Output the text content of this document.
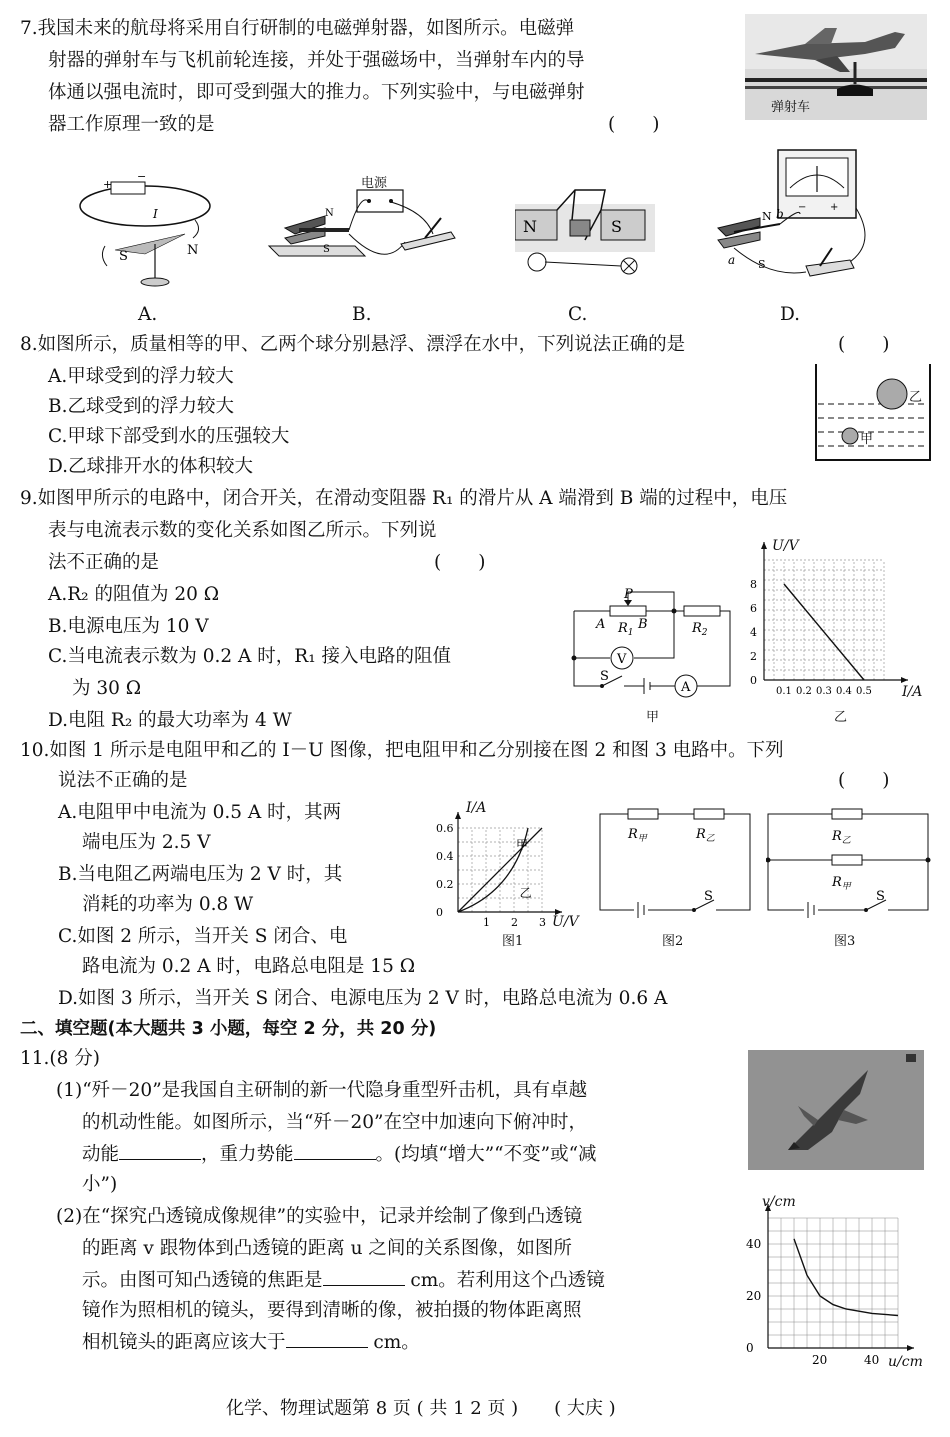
7.我国未来的航母将采用自行研制的电磁弹射器，如图所示。电磁弹
射器的弹射车与飞机前轮连接，并处于强磁场中，当弹射车内的导
体通以强电流时，即可受到强大的推力。下列实验中，与电磁弹射
器工作原理一致的是	(　　)
弹射车
+
−
I
S	N
N
S
电源
N	S
− +
N
S
b
a
A.	B.	C.	D.
8.如图所示，质量相等的甲、乙两个球分别悬浮、漂浮在水中，下列说法正确的是	(　　)
A.甲球受到的浮力较大
B.乙球受到的浮力较大
C.甲球下部受到水的压强较大
D.乙球排开水的体积较大
乙
甲
9.如图甲所示的电路中，闭合开关，在滑动变阻器 R₁ 的滑片从 A 端滑到 B 端的过程中，电压
表与电流表示数的变化关系如图乙所示。下列说
法不正确的是	(　　)
A.R₂ 的阻值为 20 Ω
B.电源电压为 10 V
C.当电流表示数为 0.2 A 时，R₁ 接入电路的阻值
为 30 Ω
D.电阻 R₂ 的最大功率为 4 W
V
A
P
A $R_1$
B	$R_2$
S
甲
0.1 0.2 0.3 0.4 0.5
0
2
4
6
8
U/V
I/A
乙
10.如图 1 所示是电阻甲和乙的 I－U 图像，把电阻甲和乙分别接在图 2 和图 3 电路中。下列
说法不正确的是	(　　)
A.电阻甲中电流为 0.5 A 时，其两
端电压为 2.5 V
B.当电阻乙两端电压为 2 V 时，其
消耗的功率为 0.8 W
C.如图 2 所示，当开关 S 闭合、电
路电流为 0.2 A 时，电路总电阻是 15 Ω
D.如图 3 所示，当开关 S 闭合、电源电压为 2 V 时，电路总电流为 0.6 A
1 2 3
0
0.2
0.4
0.6
甲
乙
I/A
U/V
图1
$R_甲$	$R_乙$
S
图2
$R_乙$
$R_甲$
S
图3
二、填空题(本大题共 3 小题，每空 2 分，共 20 分)
11.(8 分)
(1)“歼－20”是我国自主研制的新一代隐身重型歼击机，具有卓越
的机动性能。如图所示，当“歼－20”在空中加速向下俯冲时，
动能	，重力势能	。(均填“增大”“不变”或“减
小”)
(2)在“探究凸透镜成像规律”的实验中，记录并绘制了像到凸透镜
的距离 v 跟物体到凸透镜的距离 u 之间的关系图像，如图所
示。由图可知凸透镜的焦距是	cm。若利用这个凸透镜
镜作为照相机的镜头，要得到清晰的像，被拍摄的物体距离照
相机镜头的距离应该大于	cm。
20	40
0
20
40
v/cm
u/cm
化学、物理试题第 8 页 ( 共 1 2 页 )　　( 大庆 )
